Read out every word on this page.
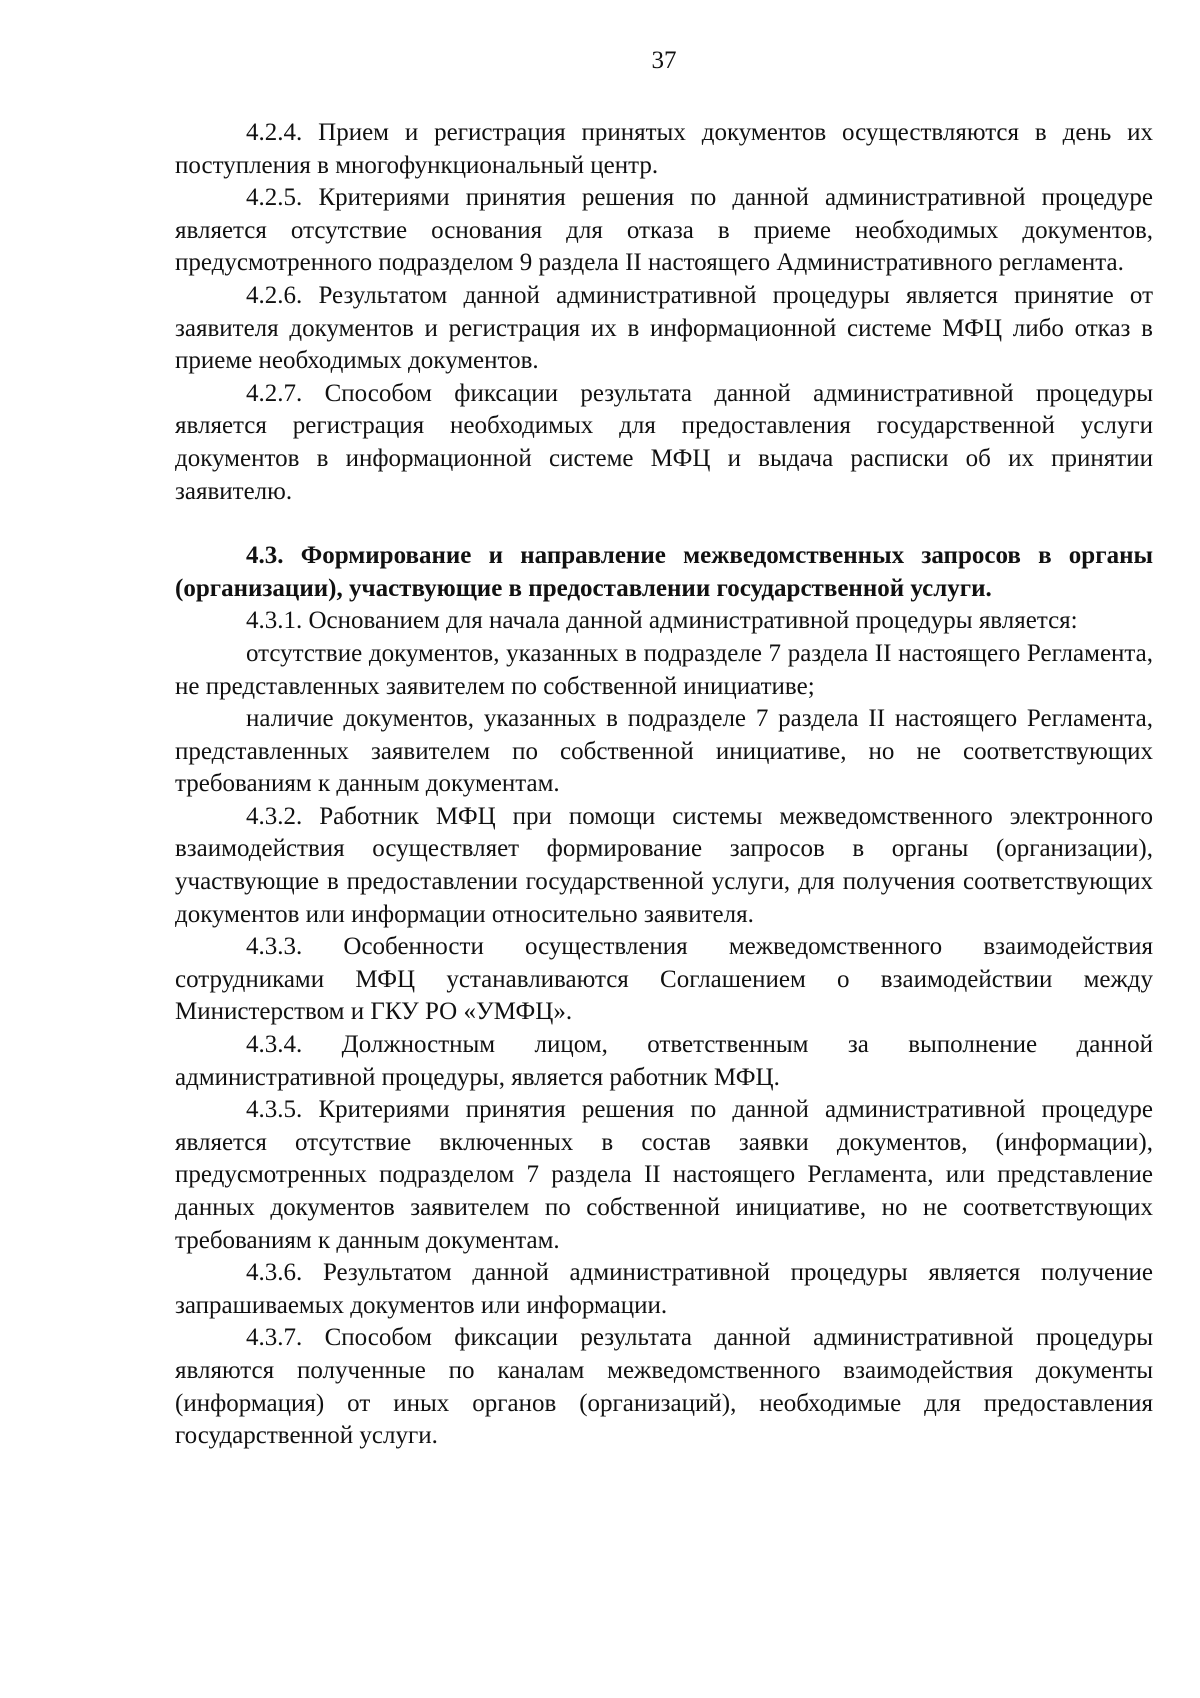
37

4.2.4. Прием и регистрация принятых документов осуществляются в день их поступления в многофункциональный центр.

4.2.5. Критериями принятия решения по данной административной процедуре является отсутствие основания для отказа в приеме необходимых документов, предусмотренного подразделом 9 раздела II настоящего Административного регламента.

4.2.6. Результатом данной административной процедуры является принятие от заявителя документов и регистрация их в информационной системе МФЦ либо отказ в приеме необходимых документов.

4.2.7. Способом фиксации результата данной административной процедуры является регистрация необходимых для предоставления государственной услуги документов в информационной системе МФЦ и выдача расписки об их принятии заявителю.

4.3. Формирование и направление межведомственных запросов в органы (организации), участвующие в предоставлении государственной услуги.

4.3.1. Основанием для начала данной административной процедуры является:

отсутствие документов, указанных в подразделе 7 раздела II настоящего Регламента, не представленных заявителем по собственной инициативе;

наличие документов, указанных в подразделе 7 раздела II настоящего Регламента, представленных заявителем по собственной инициативе, но не соответствующих требованиям к данным документам.

4.3.2. Работник МФЦ при помощи системы межведомственного электронного взаимодействия осуществляет формирование запросов в органы (организации), участвующие в предоставлении государственной услуги, для получения соответствующих документов или информации относительно заявителя.

4.3.3. Особенности осуществления межведомственного взаимодействия сотрудниками МФЦ устанавливаются Соглашением о взаимодействии между Министерством и ГКУ РО «УМФЦ».

4.3.4. Должностным лицом, ответственным за выполнение данной административной процедуры, является работник МФЦ.

4.3.5. Критериями принятия решения по данной административной процедуре является отсутствие включенных в состав заявки документов, (информации), предусмотренных подразделом 7 раздела II настоящего Регламента, или представление данных документов заявителем по собственной инициативе, но не соответствующих требованиям к данным документам.

4.3.6. Результатом данной административной процедуры является получение запрашиваемых документов или информации.

4.3.7. Способом фиксации результата данной административной процедуры являются полученные по каналам межведомственного взаимодействия документы (информация) от иных органов (организаций), необходимые для предоставления государственной услуги.
